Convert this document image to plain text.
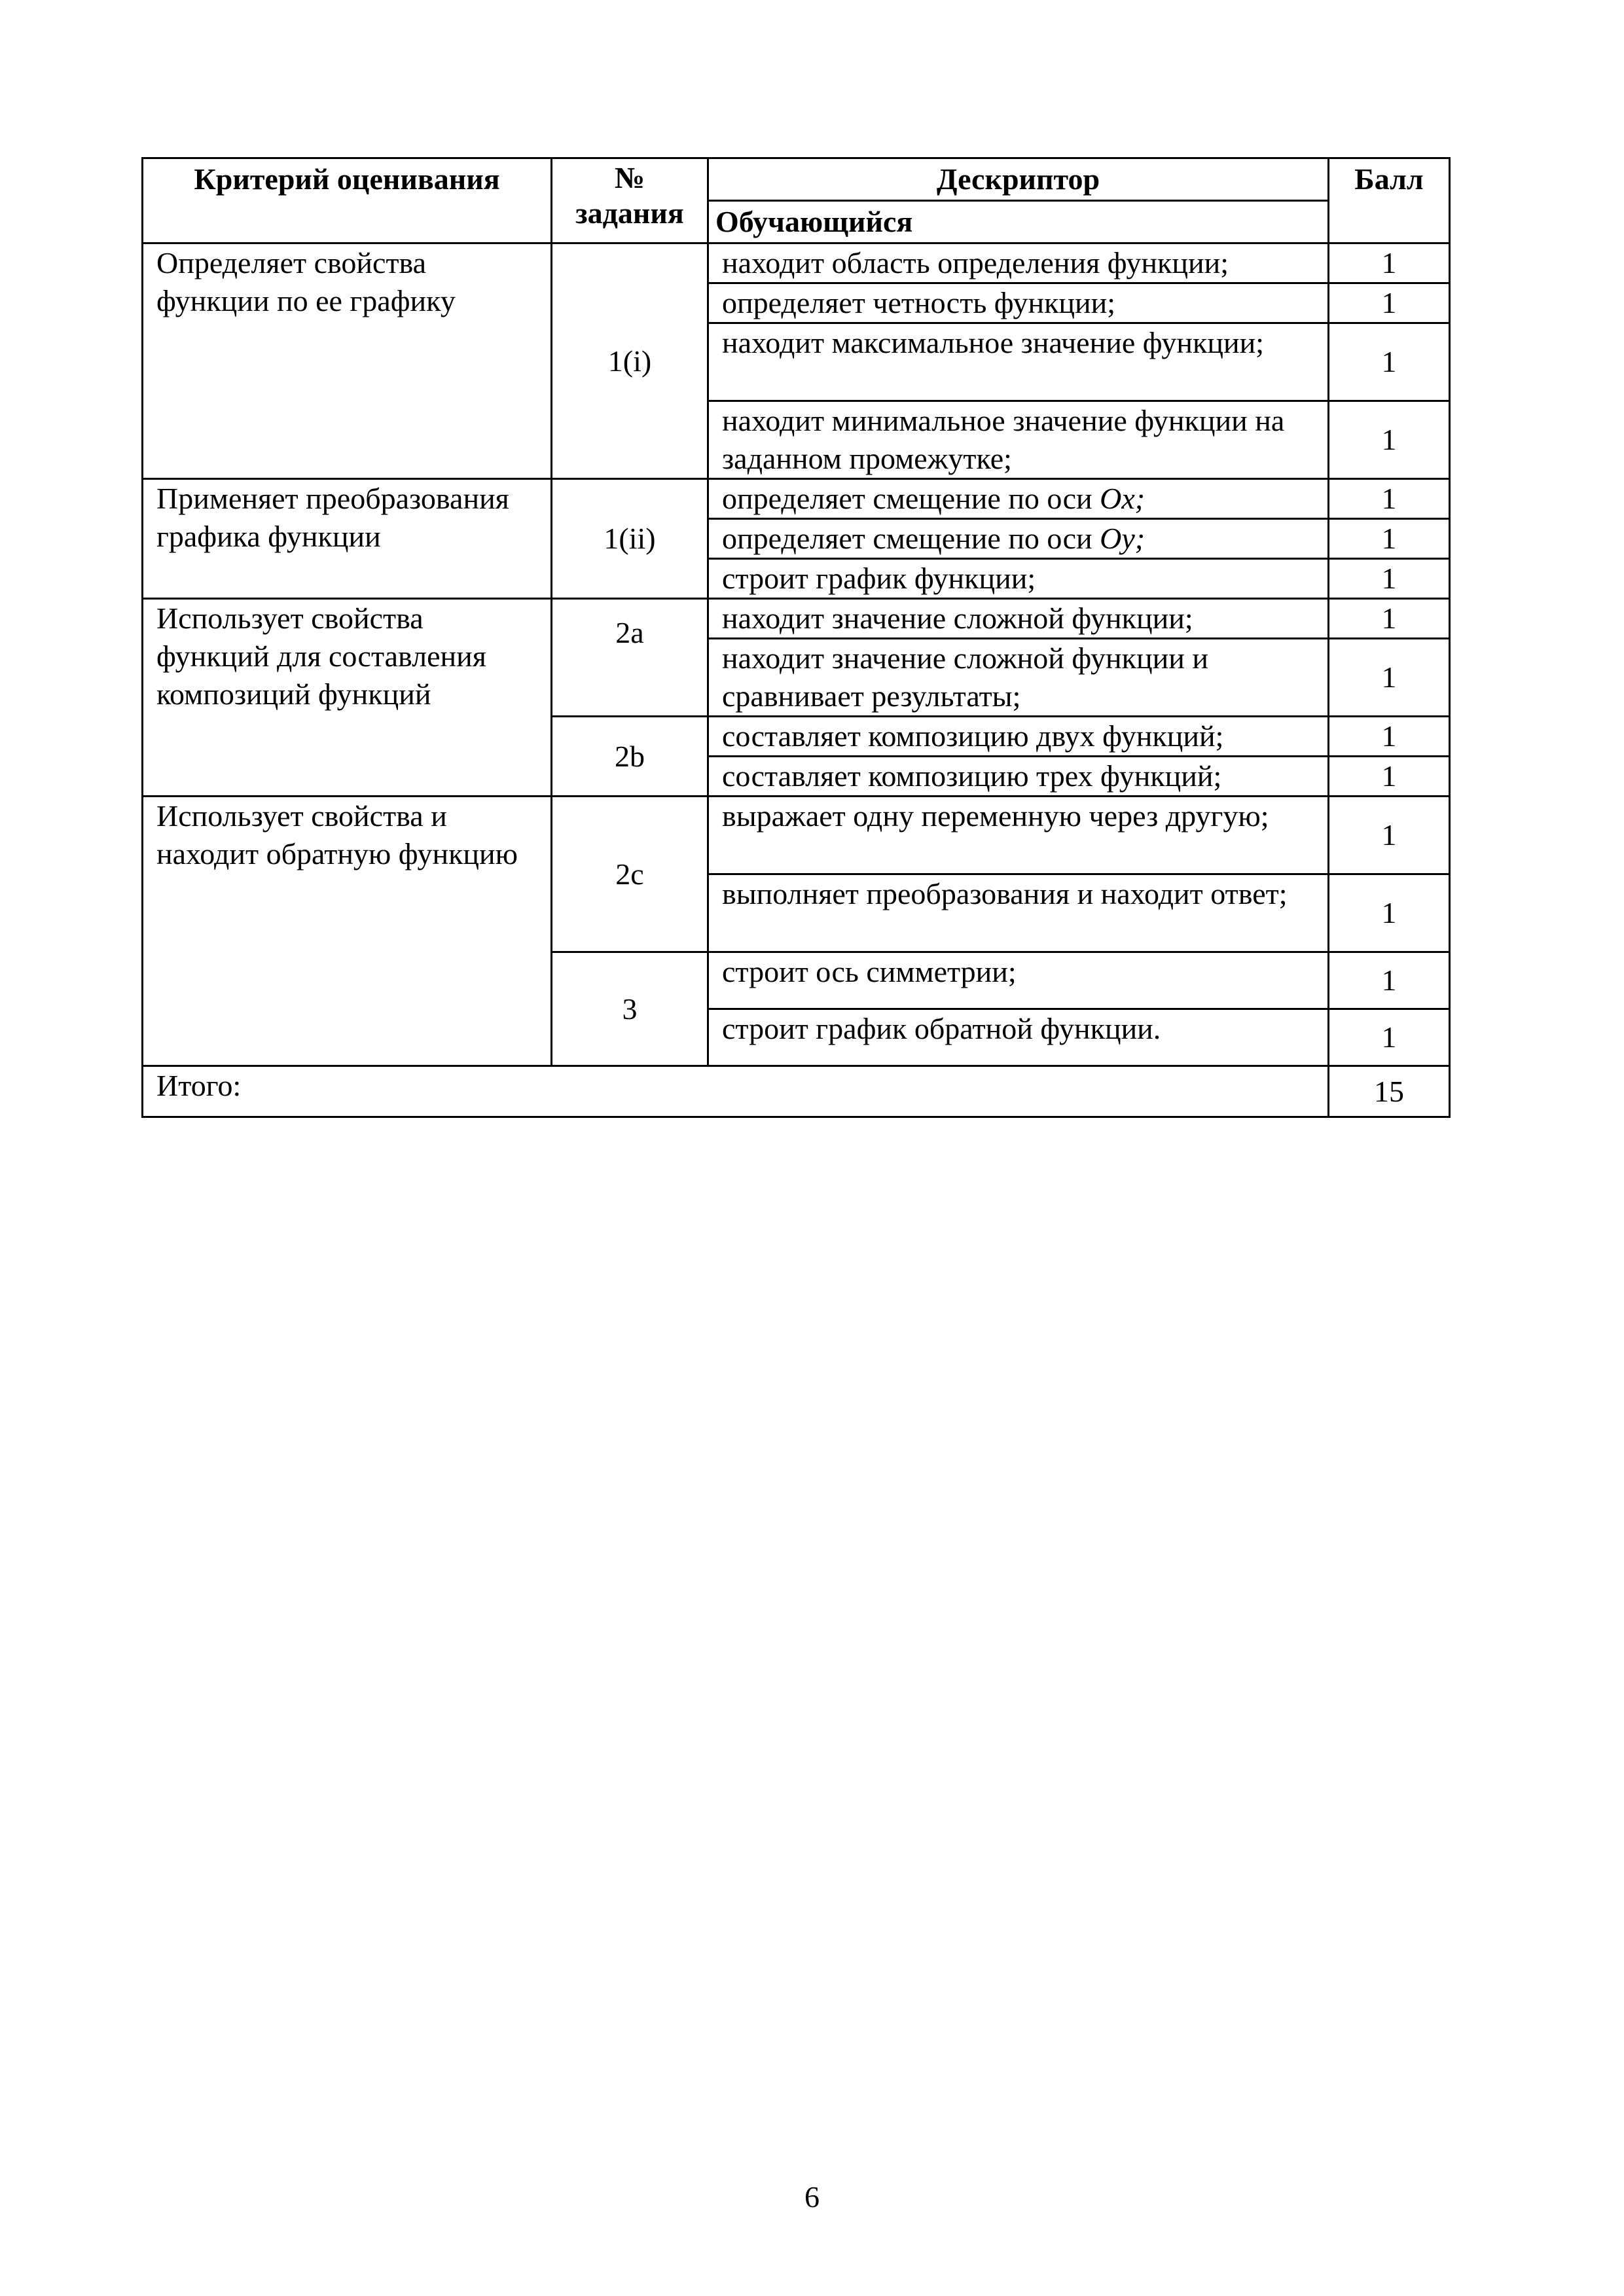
Критерий оценивания	№ задания	Дескриптор	Балл
		Обучающийся	
Определяет свойства функции по ее графику	1(i)	находит область определения функции;	1
		определяет четность функции;	1
		находит максимальное значение функции;	1
		находит минимальное значение функции на заданном промежутке;	1
Применяет преобразования графика функции	1(ii)	определяет смещение по оси Ox;	1
		определяет смещение по оси Oy;	1
		строит график функции;	1
Использует свойства функций для составления композиций функций	2a	находит значение сложной функции;	1
		находит значение сложной функции и сравнивает результаты;	1
	2b	составляет композицию двух функций;	1
		составляет композицию трех функций;	1
Использует свойства и находит обратную функцию	2c	выражает одну переменную через другую;	1
		выполняет преобразования и находит ответ;	1
	3	строит ось симметрии;	1
		строит график обратной функции.	1
Итого:			15
6
